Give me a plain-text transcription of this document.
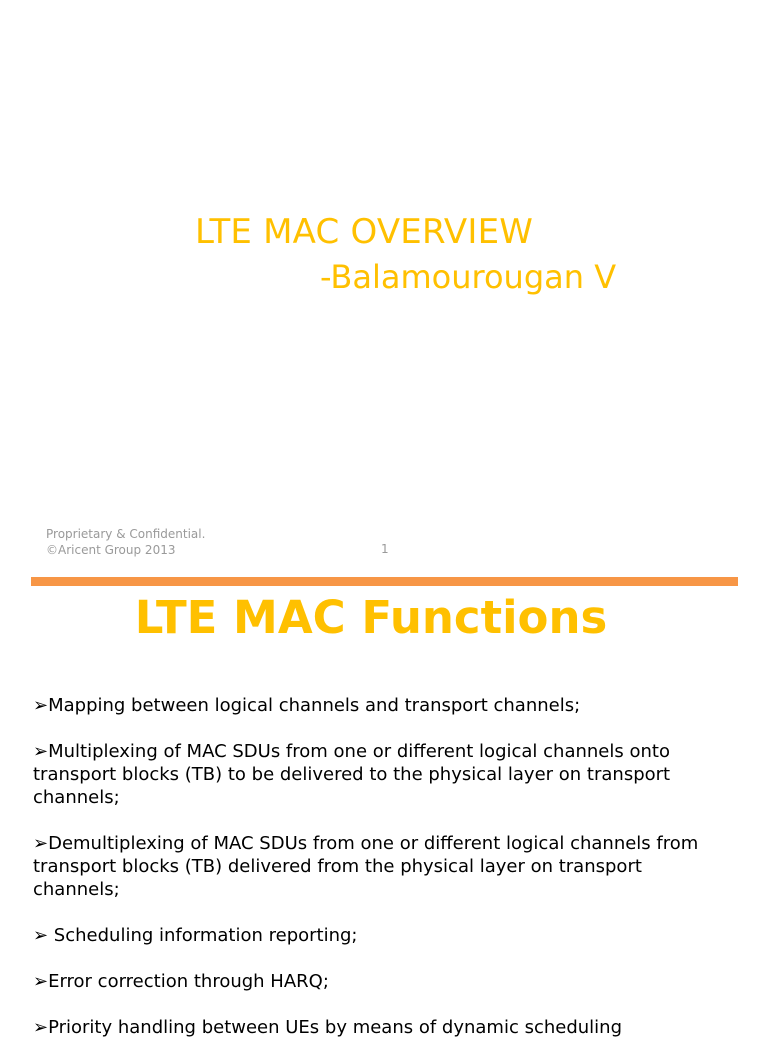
LTE MAC OVERVIEW

-Balamourougan V

Proprietary & Confidential. ©Aricent Group 2013	1
LTE MAC Functions
➢Mapping between logical channels and transport channels;
➢Multiplexing of MAC SDUs from one or different logical channels onto transport blocks (TB) to be delivered to the physical layer on transport channels;
➢Demultiplexing of MAC SDUs from one or different logical channels from transport blocks (TB) delivered from the physical layer on transport channels;
➢ Scheduling information reporting;
➢Error correction through HARQ;
➢Priority handling between UEs by means of dynamic scheduling
